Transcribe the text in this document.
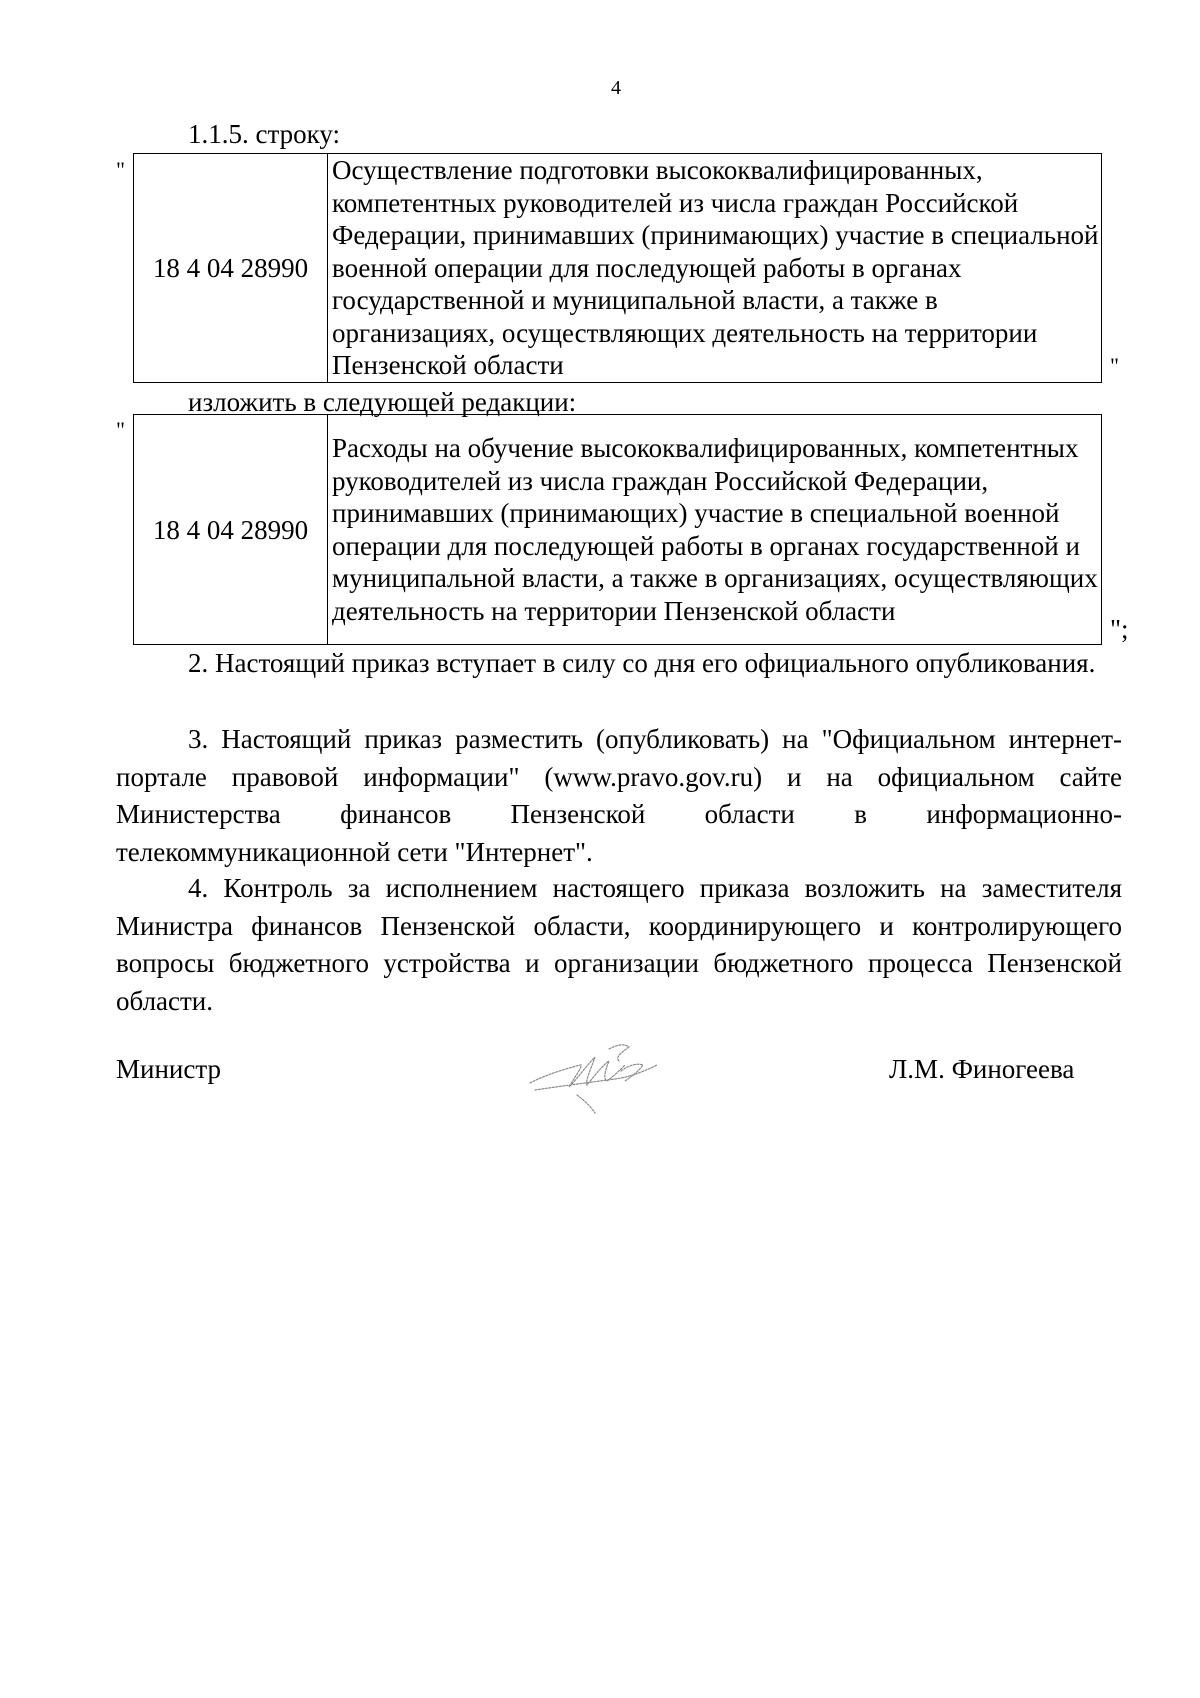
4
1.1.5. строку:
"
18 4 04 28990	Осуществление подготовки высококвалифицированных, компетентных руководителей из числа граждан Российской Федерации, принимавших (принимающих) участие в специальной военной операции для последующей работы в органах государственной и муниципальной власти, а также в организациях, осуществляющих деятельность на территории Пензенской области	"
изложить в следующей редакции:
"
18 4 04 28990	Расходы на обучение высококвалифицированных, компетентных руководителей из числа граждан Российской Федерации, принимавших (принимающих) участие в специальной военной операции для последующей работы в органах государственной и муниципальной власти, а также в организациях, осуществляющих деятельность на территории Пензенской области
";
2. Настоящий приказ вступает в силу со дня его официального опубликования.
3. Настоящий приказ разместить (опубликовать) на "Официальном интернет-портале правовой информации" (www.pravo.gov.ru) и на официальном сайте Министерства финансов Пензенской области в информационно-телекоммуникационной сети "Интернет".
4. Контроль за исполнением настоящего приказа возложить на заместителя Министра финансов Пензенской области, координирующего и контролирующего вопросы бюджетного устройства и организации бюджетного процесса Пензенской области.
Министр	Л.М. Финогеева
